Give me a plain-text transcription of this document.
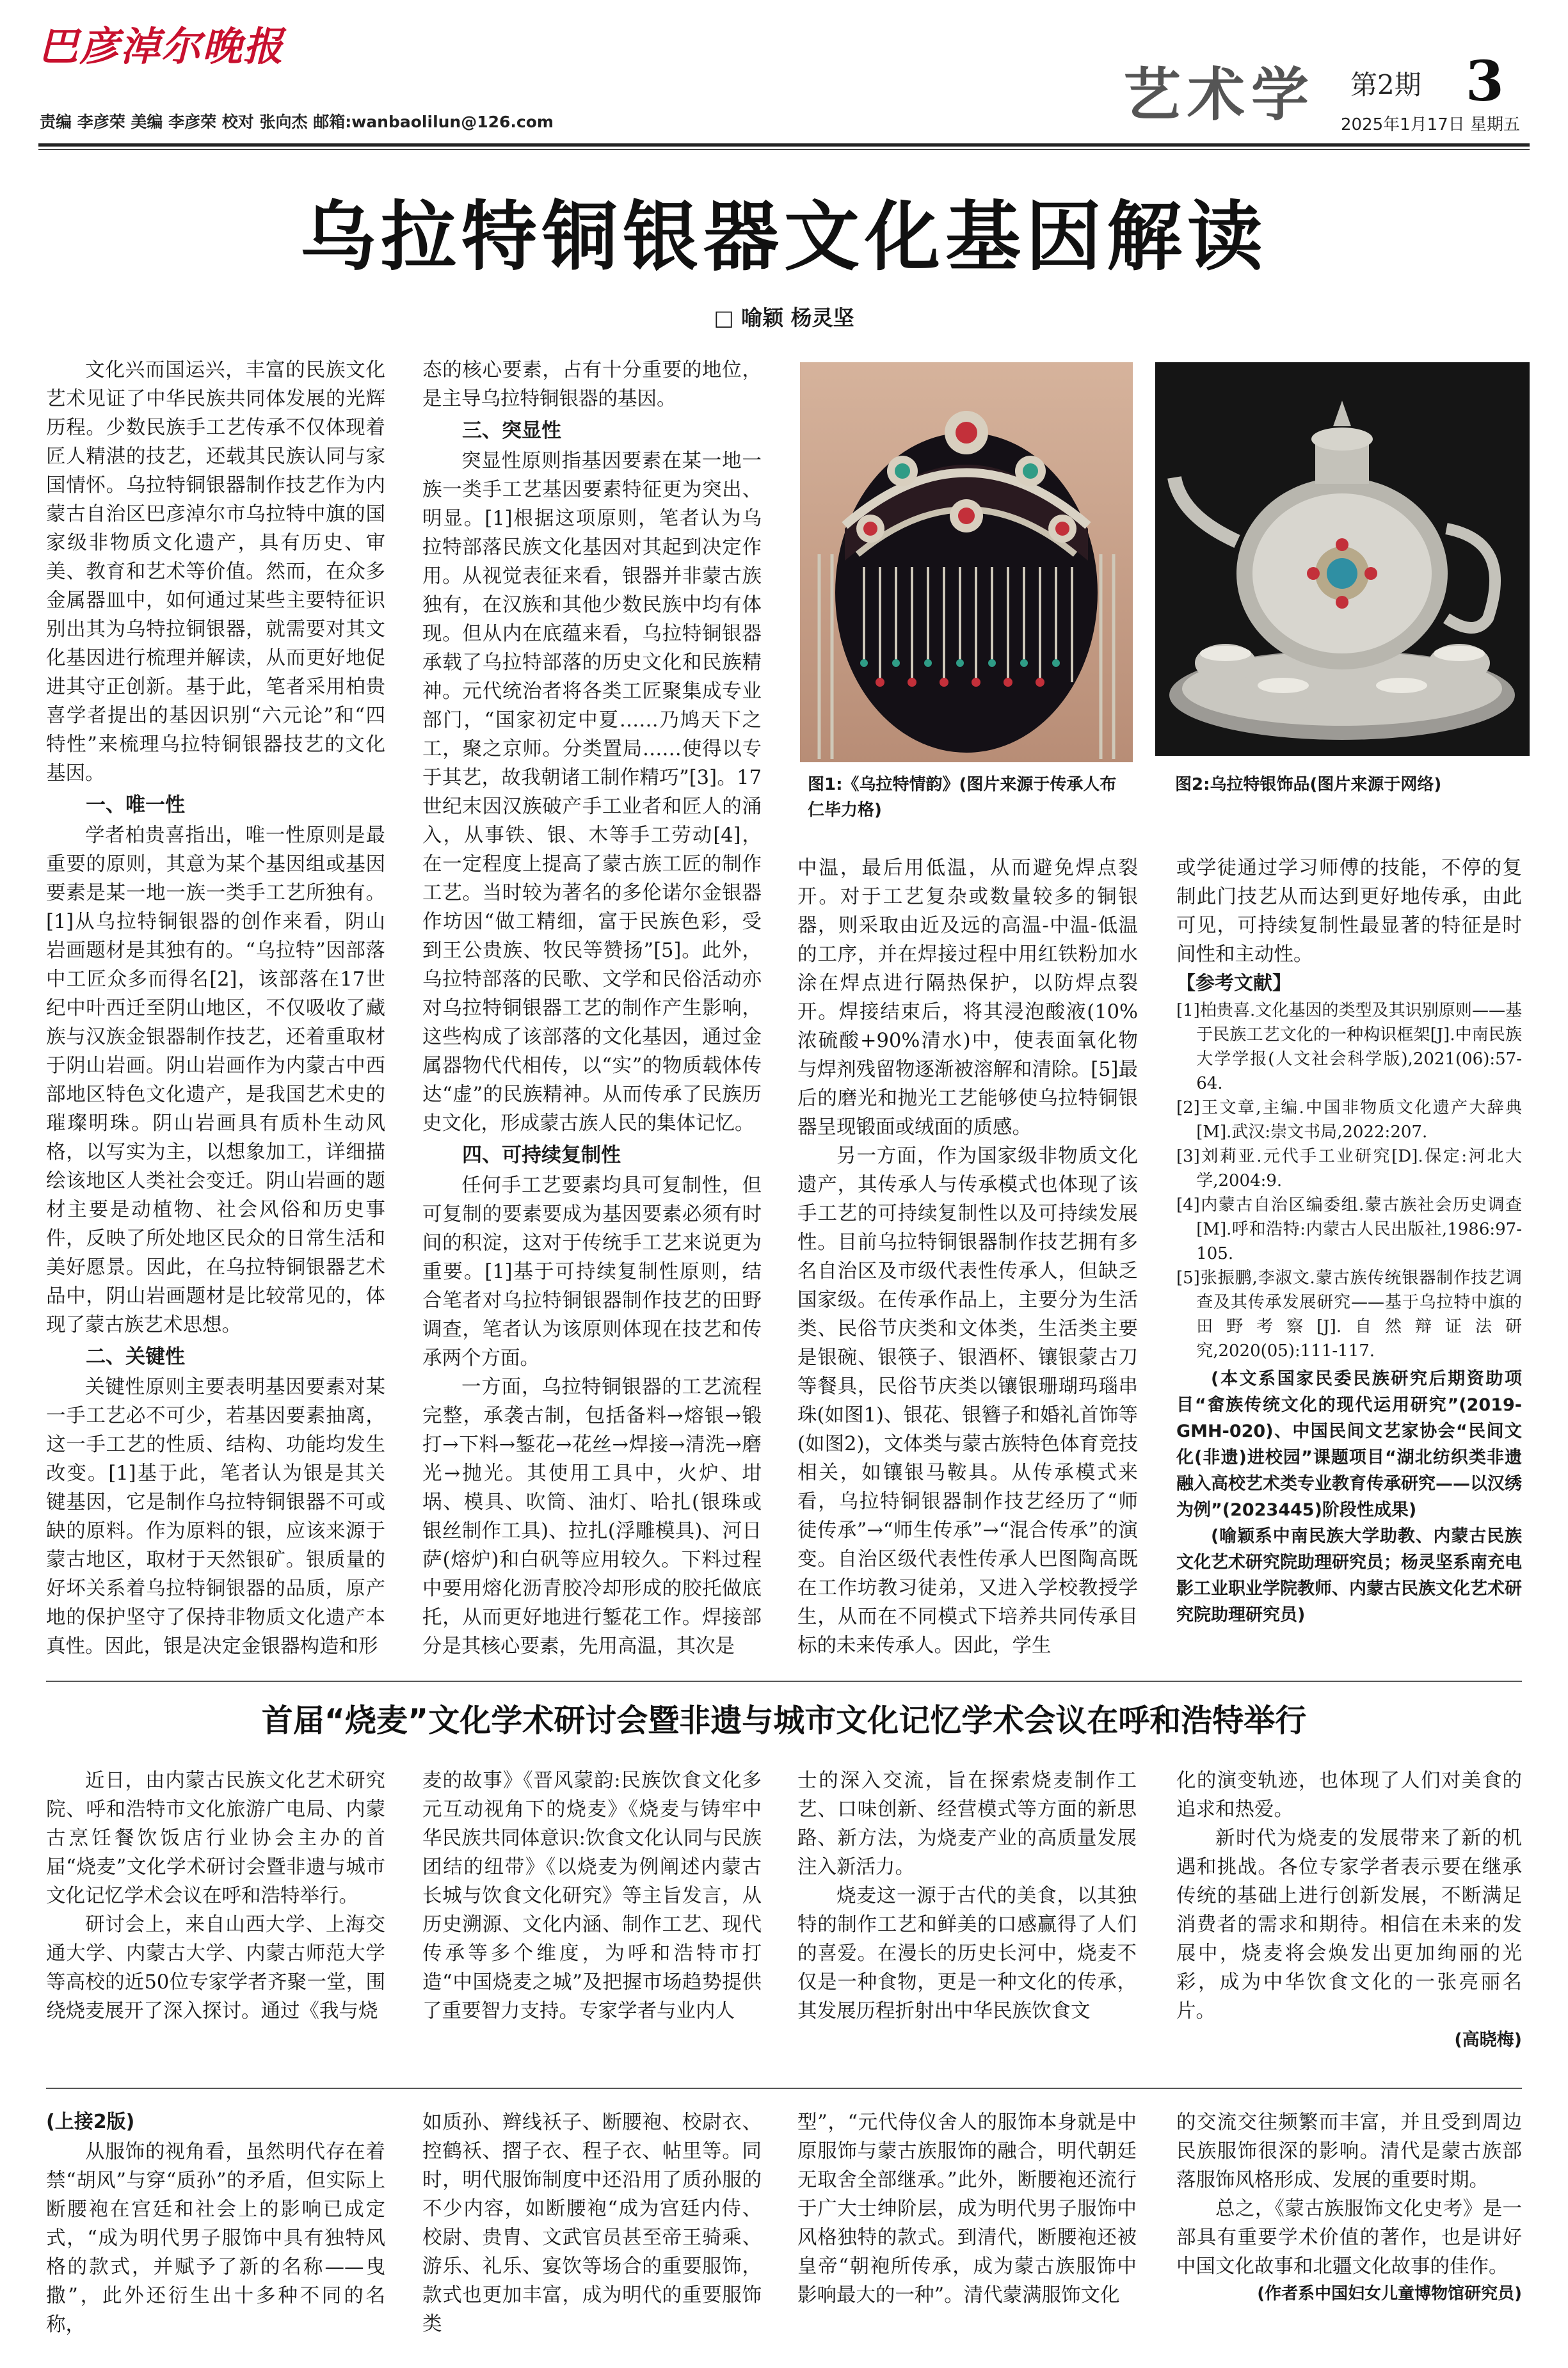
巴彦淖尔晚报
责编 李彦荣 美编 李彦荣 校对 张向杰 邮箱:wanbaolilun@126.com	艺术学 第2期 3
2025年1月17日 星期五
乌拉特铜银器文化基因解读
□ 喻颖 杨灵坚

文化兴而国运兴，丰富的民族文化艺术见证了中华民族共同体发展的光辉历程。少数民族手工艺传承不仅体现着匠人精湛的技艺，还载其民族认同与家国情怀。乌拉特铜银器制作技艺作为内蒙古自治区巴彦淖尔市乌拉特中旗的国家级非物质文化遗产，具有历史、审美、教育和艺术等价值。然而，在众多金属器皿中，如何通过某些主要特征识别出其为乌特拉铜银器，就需要对其文化基因进行梳理并解读，从而更好地促进其守正创新。基于此，笔者采用柏贵喜学者提出的基因识别“六元论”和“四特性”来梳理乌拉特铜银器技艺的文化基因。

一、唯一性

学者柏贵喜指出，唯一性原则是最重要的原则，其意为某个基因组或基因要素是某一地一族一类手工艺所独有。[1]从乌拉特铜银器的创作来看，阴山岩画题材是其独有的。“乌拉特”因部落中工匠众多而得名[2]，该部落在17世纪中叶西迁至阴山地区，不仅吸收了藏族与汉族金银器制作技艺，还着重取材于阴山岩画。阴山岩画作为内蒙古中西部地区特色文化遗产，是我国艺术史的璀璨明珠。阴山岩画具有质朴生动风格，以写实为主，以想象加工，详细描绘该地区人类社会变迁。阴山岩画的题材主要是动植物、社会风俗和历史事件，反映了所处地区民众的日常生活和美好愿景。因此，在乌拉特铜银器艺术品中，阴山岩画题材是比较常见的，体现了蒙古族艺术思想。

二、关键性

关键性原则主要表明基因要素对某一手工艺必不可少，若基因要素抽离，这一手工艺的性质、结构、功能均发生改变。[1]基于此，笔者认为银是其关键基因，它是制作乌拉特铜银器不可或缺的原料。作为原料的银，应该来源于蒙古地区，取材于天然银矿。银质量的好坏关系着乌拉特铜银器的品质，原产地的保护坚守了保持非物质文化遗产本真性。因此，银是决定金银器构造和形

态的核心要素，占有十分重要的地位，是主导乌拉特铜银器的基因。

三、突显性

突显性原则指基因要素在某一地一族一类手工艺基因要素特征更为突出、明显。[1]根据这项原则，笔者认为乌拉特部落民族文化基因对其起到决定作用。从视觉表征来看，银器并非蒙古族独有，在汉族和其他少数民族中均有体现。但从内在底蕴来看，乌拉特铜银器承载了乌拉特部落的历史文化和民族精神。元代统治者将各类工匠聚集成专业部门，“国家初定中夏……乃鸠天下之工，聚之京师。分类置局……使得以专于其艺，故我朝诸工制作精巧”[3]。17世纪末因汉族破产手工业者和匠人的涌入，从事铁、银、木等手工劳动[4]，在一定程度上提高了蒙古族工匠的制作工艺。当时较为著名的多伦诺尔金银器作坊因“做工精细，富于民族色彩，受到王公贵族、牧民等赞扬”[5]。此外，乌拉特部落的民歌、文学和民俗活动亦对乌拉特铜银器工艺的制作产生影响，这些构成了该部落的文化基因，通过金属器物代代相传，以“实”的物质载体传达“虚”的民族精神。从而传承了民族历史文化，形成蒙古族人民的集体记忆。

四、可持续复制性

任何手工艺要素均具可复制性，但可复制的要素要成为基因要素必须有时间的积淀，这对于传统手工艺来说更为重要。[1]基于可持续复制性原则，结合笔者对乌拉特铜银器制作技艺的田野调查，笔者认为该原则体现在技艺和传承两个方面。

一方面，乌拉特铜银器的工艺流程完整，承袭古制，包括备料→熔银→锻打→下料→錾花→花丝→焊接→清洗→磨光→抛光。其使用工具中，火炉、坩埚、模具、吹筒、油灯、哈扎(银珠或银丝制作工具)、拉扎(浮雕模具)、河日萨(熔炉)和白矾等应用较久。下料过程中要用熔化沥青胶冷却形成的胶托做底托，从而更好地进行錾花工作。焊接部分是其核心要素，先用高温，其次是

中温，最后用低温，从而避免焊点裂开。对于工艺复杂或数量较多的铜银器，则采取由近及远的高温-中温-低温的工序，并在焊接过程中用红铁粉加水涂在焊点进行隔热保护，以防焊点裂开。焊接结束后，将其浸泡酸液(10%浓硫酸+90%清水)中，使表面氧化物与焊剂残留物逐渐被溶解和清除。[5]最后的磨光和抛光工艺能够使乌拉特铜银器呈现锻面或绒面的质感。

另一方面，作为国家级非物质文化遗产，其传承人与传承模式也体现了该手工艺的可持续复制性以及可持续发展性。目前乌拉特铜银器制作技艺拥有多名自治区及市级代表性传承人，但缺乏国家级。在传承作品上，主要分为生活类、民俗节庆类和文体类，生活类主要是银碗、银筷子、银酒杯、镶银蒙古刀等餐具，民俗节庆类以镶银珊瑚玛瑙串珠(如图1)、银花、银簪子和婚礼首饰等(如图2)，文体类与蒙古族特色体育竞技相关，如镶银马鞍具。从传承模式来看，乌拉特铜银器制作技艺经历了“师徒传承”→“师生传承”→“混合传承”的演变。自治区级代表性传承人巴图陶高既在工作坊教习徒弟，又进入学校教授学生，从而在不同模式下培养共同传承目标的未来传承人。因此，学生

或学徒通过学习师傅的技能，不停的复制此门技艺从而达到更好地传承，由此可见，可持续复制性最显著的特征是时间性和主动性。

【参考文献】
[1]柏贵喜.文化基因的类型及其识别原则——基于民族工艺文化的一种构识框架[J].中南民族大学学报(人文社会科学版),2021(06):57-64.
[2]王文章,主编.中国非物质文化遗产大辞典[M].武汉:崇文书局,2022:207.
[3]刘莉亚.元代手工业研究[D].保定:河北大学,2004:9.
[4]内蒙古自治区编委组.蒙古族社会历史调查[M].呼和浩特:内蒙古人民出版社,1986:97-105.
[5]张振鹏,李淑文.蒙古族传统银器制作技艺调查及其传承发展研究——基于乌拉特中旗的田野考察[J].自然辩证法研究,2020(05):111-117.
(本文系国家民委民族研究后期资助项目“畲族传统文化的现代运用研究”(2019-GMH-020)、中国民间文艺家协会“民间文化(非遗)进校园”课题项目“湖北纺织类非遗融入高校艺术类专业教育传承研究——以汉绣为例”(2023445)阶段性成果)
(喻颖系中南民族大学助教、内蒙古民族文化艺术研究院助理研究员；杨灵坚系南充电影工业职业学院教师、内蒙古民族文化艺术研究院助理研究员)
图1:《乌拉特情韵》(图片来源于传承人布仁毕力格)
图2:乌拉特银饰品(图片来源于网络)
首届“烧麦”文化学术研讨会暨非遗与城市文化记忆学术会议在呼和浩特举行

近日，由内蒙古民族文化艺术研究院、呼和浩特市文化旅游广电局、内蒙古烹饪餐饮饭店行业协会主办的首届“烧麦”文化学术研讨会暨非遗与城市文化记忆学术会议在呼和浩特举行。

研讨会上，来自山西大学、上海交通大学、内蒙古大学、内蒙古师范大学等高校的近50位专家学者齐聚一堂，围绕烧麦展开了深入探讨。通过《我与烧

麦的故事》《晋风蒙韵:民族饮食文化多元互动视角下的烧麦》《烧麦与铸牢中华民族共同体意识:饮食文化认同与民族团结的纽带》《以烧麦为例阐述内蒙古长城与饮食文化研究》等主旨发言，从历史溯源、文化内涵、制作工艺、现代传承等多个维度，为呼和浩特市打造“中国烧麦之城”及把握市场趋势提供了重要智力支持。专家学者与业内人

士的深入交流，旨在探索烧麦制作工艺、口味创新、经营模式等方面的新思路、新方法，为烧麦产业的高质量发展注入新活力。

烧麦这一源于古代的美食，以其独特的制作工艺和鲜美的口感赢得了人们的喜爱。在漫长的历史长河中，烧麦不仅是一种食物，更是一种文化的传承，其发展历程折射出中华民族饮食文

化的演变轨迹，也体现了人们对美食的追求和热爱。

新时代为烧麦的发展带来了新的机遇和挑战。各位专家学者表示要在继承传统的基础上进行创新发展，不断满足消费者的需求和期待。相信在未来的发展中，烧麦将会焕发出更加绚丽的光彩，成为中华饮食文化的一张亮丽名片。

(高晓梅)
(上接2版)

从服饰的视角看，虽然明代存在着禁“胡风”与穿“质孙”的矛盾，但实际上断腰袍在宫廷和社会上的影响已成定式，“成为明代男子服饰中具有独特风格的款式，并赋予了新的名称——曳撒”，此外还衍生出十多种不同的名称，

如质孙、辫线袄子、断腰袍、校尉衣、控鹤袄、摺子衣、程子衣、帖里等。同时，明代服饰制度中还沿用了质孙服的不少内容，如断腰袍“成为宫廷内侍、校尉、贵胄、文武官员甚至帝王骑乘、游乐、礼乐、宴饮等场合的重要服饰，款式也更加丰富，成为明代的重要服饰类

型”，“元代侍仪舍人的服饰本身就是中原服饰与蒙古族服饰的融合，明代朝廷无取舍全部继承。”此外，断腰袍还流行于广大士绅阶层，成为明代男子服饰中风格独特的款式。到清代，断腰袍还被皇帝“朝袍所传承，成为蒙古族服饰中影响最大的一种”。清代蒙满服饰文化

的交流交往频繁而丰富，并且受到周边民族服饰很深的影响。清代是蒙古族部落服饰风格形成、发展的重要时期。

总之，《蒙古族服饰文化史考》是一部具有重要学术价值的著作，也是讲好中国文化故事和北疆文化故事的佳作。

(作者系中国妇女儿童博物馆研究员)
